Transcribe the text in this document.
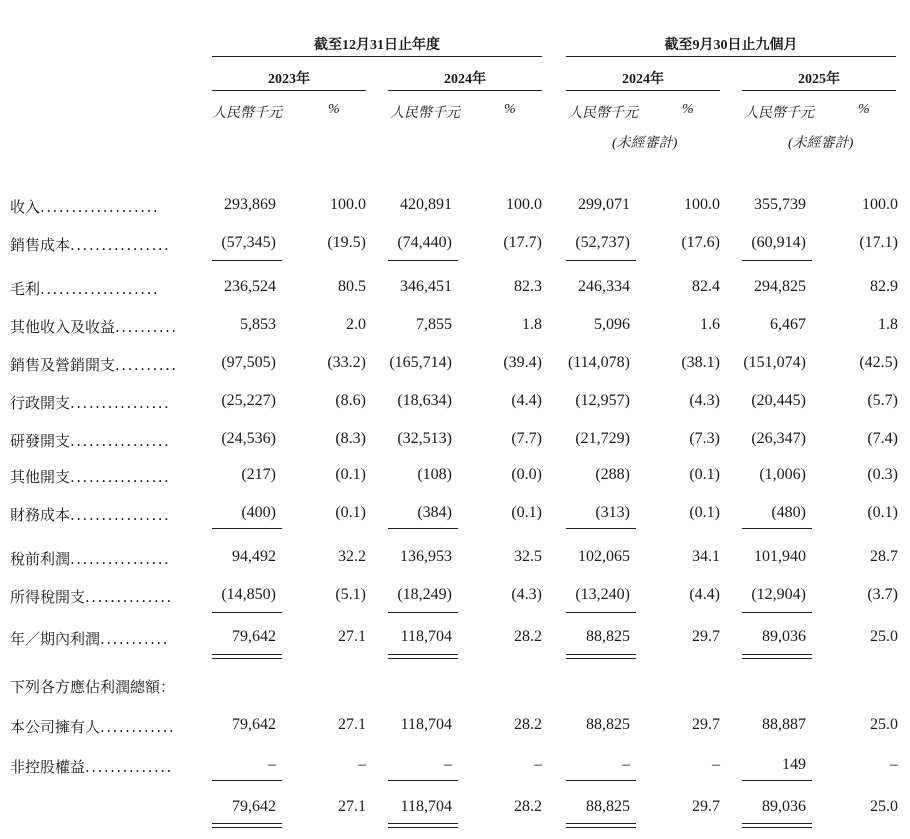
截至12月31日止年度	截至9月30日止九個月
2023年	2024年	2024年	2025年
人民幣千元	%	人民幣千元	%	人民幣千元	%	人民幣千元	%
(未經審計)	(未經審計)
下列各方應佔利潤總額：
收入...................	293,869	100.0	420,891	100.0	299,071	100.0	355,739	100.0
銷售成本................	(57,345)	(19.5)	(74,440)	(17.7)	(52,737)	(17.6)	(60,914)	(17.1)
毛利...................	236,524	80.5	346,451	82.3	246,334	82.4	294,825	82.9
其他收入及收益..........	5,853	2.0	7,855	1.8	5,096	1.6	6,467	1.8
銷售及營銷開支..........	(97,505)	(33.2)	(165,714)	(39.4)	(114,078)	(38.1)	(151,074)	(42.5)
行政開支................	(25,227)	(8.6)	(18,634)	(4.4)	(12,957)	(4.3)	(20,445)	(5.7)
研發開支................	(24,536)	(8.3)	(32,513)	(7.7)	(21,729)	(7.3)	(26,347)	(7.4)
其他開支................	(217)	(0.1)	(108)	(0.0)	(288)	(0.1)	(1,006)	(0.3)
財務成本................	(400)	(0.1)	(384)	(0.1)	(313)	(0.1)	(480)	(0.1)
稅前利潤................	94,492	32.2	136,953	32.5	102,065	34.1	101,940	28.7
所得稅開支..............	(14,850)	(5.1)	(18,249)	(4.3)	(13,240)	(4.4)	(12,904)	(3.7)
年／期內利潤...........	79,642	27.1	118,704	28.2	88,825	29.7	89,036	25.0
本公司擁有人............	79,642	27.1	118,704	28.2	88,825	29.7	88,887	25.0
非控股權益..............	–	–	–	–	–	–	149	–
79,642	27.1	118,704	28.2	88,825	29.7	89,036	25.0
